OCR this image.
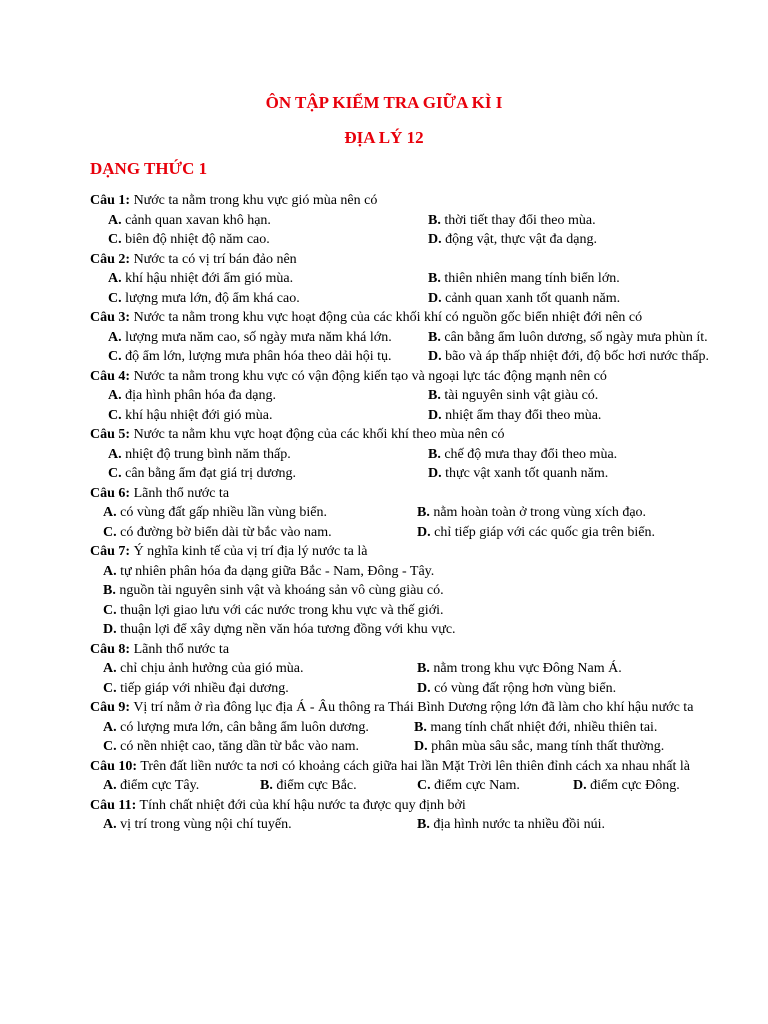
ÔN TẬP KIỂM TRA GIỮA KÌ I
ĐỊA LÝ 12
DẠNG THỨC 1
Câu 1: Nước ta nằm trong khu vực gió mùa nên có
A. cảnh quan xavan khô hạn.	B. thời tiết thay đổi theo mùa.
C. biên độ nhiệt độ năm cao.	D. động vật, thực vật đa dạng.
Câu 2: Nước ta có vị trí bán đảo nên
A. khí hậu nhiệt đới ẩm gió mùa.	B. thiên nhiên mang tính biển lớn.
C. lượng mưa lớn, độ ẩm khá cao.	D. cảnh quan xanh tốt quanh năm.
Câu 3: Nước ta nằm trong khu vực hoạt động của các khối khí có nguồn gốc biển nhiệt đới nên có
A. lượng mưa năm cao, số ngày mưa năm khá lớn.	B. cân bằng ẩm luôn dương, số ngày mưa phùn ít.
C. độ ẩm lớn, lượng mưa phân hóa theo dải hội tụ.	D. bão và áp thấp nhiệt đới, độ bốc hơi nước thấp.
Câu 4: Nước ta nằm trong khu vực có vận động kiến tạo và ngoại lực tác động mạnh nên có
A. địa hình phân hóa đa dạng.	B. tài nguyên sinh vật giàu có.
C. khí hậu nhiệt đới gió mùa.	D. nhiệt ẩm thay đổi theo mùa.
Câu 5: Nước ta nằm khu vực hoạt động của các khối khí theo mùa nên có
A. nhiệt độ trung bình năm thấp.	B. chế độ mưa thay đổi theo mùa.
C. cân bằng ẩm đạt giá trị dương.	D. thực vật xanh tốt quanh năm.
Câu 6: Lãnh thổ nước ta
A. có vùng đất gấp nhiều lần vùng biển.	B. nằm hoàn toàn ở trong vùng xích đạo.
C. có đường bờ biển dài từ bắc vào nam.	D. chỉ tiếp giáp với các quốc gia trên biển.
Câu 7: Ý nghĩa kinh tế của vị trí địa lý nước ta là
A. tự nhiên phân hóa đa dạng giữa Bắc - Nam, Đông - Tây.
B. nguồn tài nguyên sinh vật và khoáng sản vô cùng giàu có.
C. thuận lợi giao lưu với các nước trong khu vực và thế giới.
D. thuận lợi để xây dựng nền văn hóa tương đồng với khu vực.
Câu 8: Lãnh thổ nước ta
A. chỉ chịu ảnh hưởng của gió mùa.	B. nằm trong khu vực Đông Nam Á.
C. tiếp giáp với nhiều đại dương.	D. có vùng đất rộng hơn vùng biển.
Câu 9: Vị trí nằm ở rìa đông lục địa Á - Âu thông ra Thái Bình Dương rộng lớn đã làm cho khí hậu nước ta
A. có lượng mưa lớn, cân bằng ẩm luôn dương.	B. mang tính chất nhiệt đới, nhiều thiên tai.
C. có nền nhiệt cao, tăng dần từ bắc vào nam.	D. phân mùa sâu sắc, mang tính thất thường.
Câu 10: Trên đất liền nước ta nơi có khoảng cách giữa hai lần Mặt Trời lên thiên đỉnh cách xa nhau nhất là
A. điểm cực Tây.	B. điểm cực Bắc.	C. điểm cực Nam.	D. điểm cực Đông.
Câu 11: Tính chất nhiệt đới của khí hậu nước ta được quy định bởi
A. vị trí trong vùng nội chí tuyến.	B. địa hình nước ta nhiều đồi núi.
